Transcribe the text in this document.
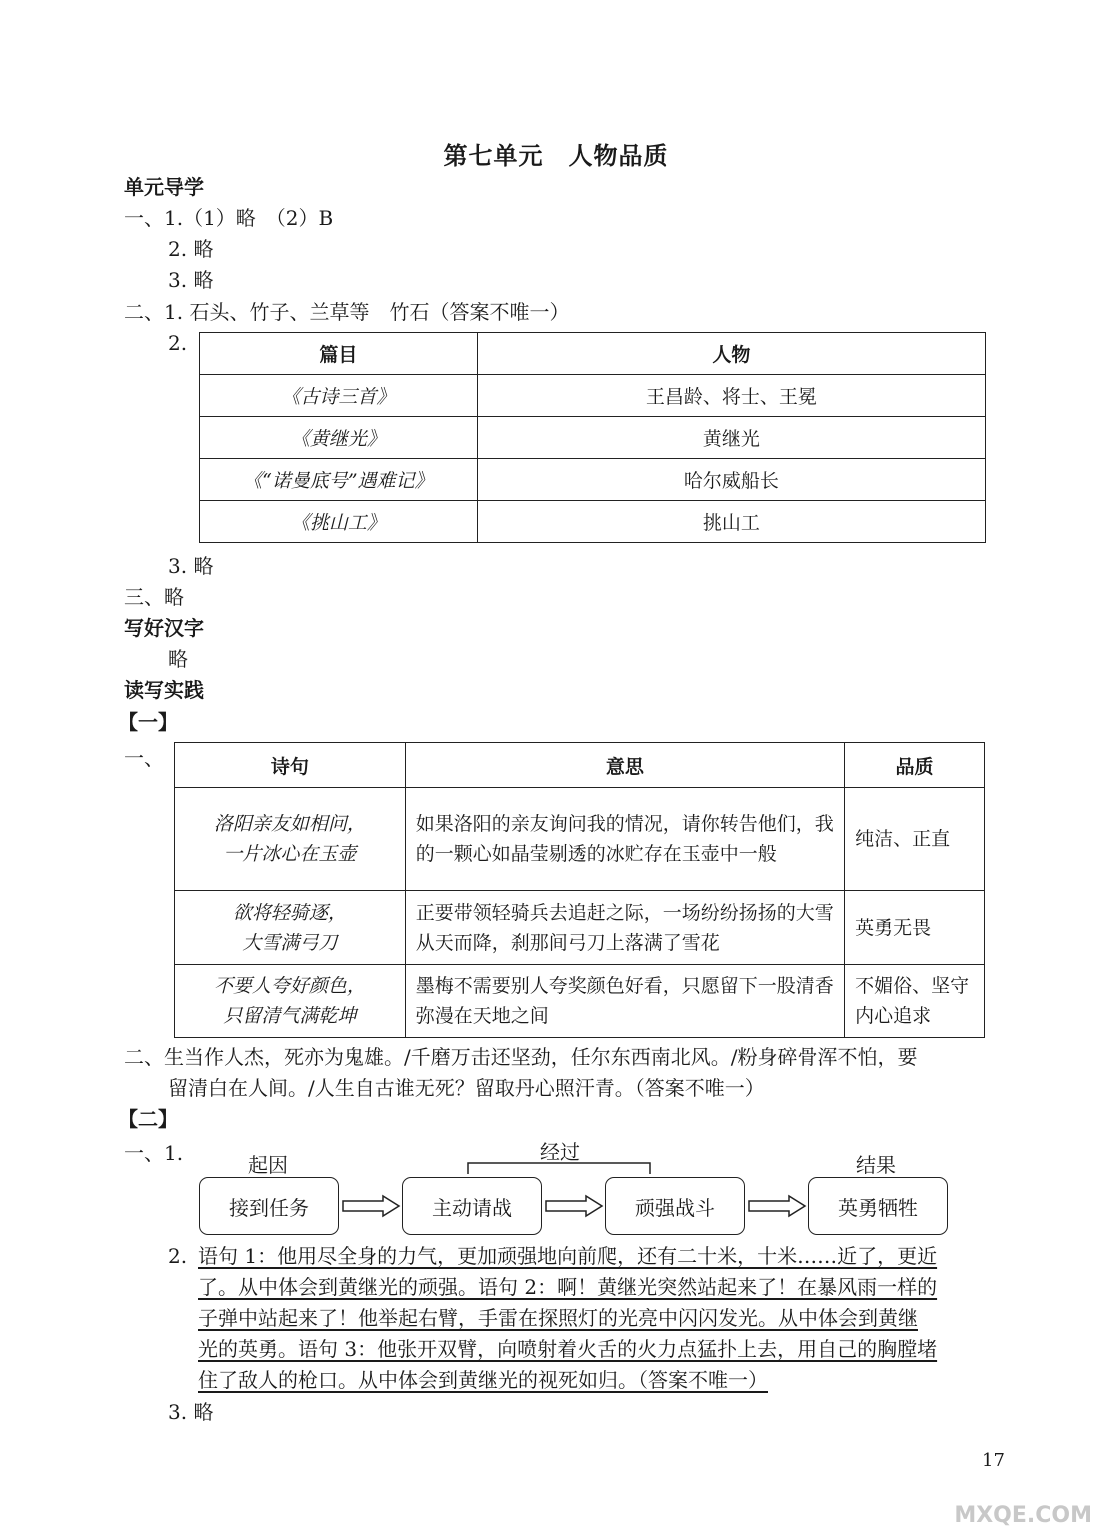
第七单元　人物品质
单元导学
一、1.（1）略　（2）B
2. 略
3. 略
二、1. 石头、竹子、兰草等　竹石（答案不唯一）
2.	篇目	人物
《古诗三首》	王昌龄、将士、王冕
《黄继光》	黄继光
《“诺曼底号”遇难记》	哈尔威船长
《挑山工》	挑山工
3. 略
三、略
写好汉字
略
读写实践
【一】
一、	诗句	意思	品质

洛阳亲友如相问，
一片冰心在玉壶	如果洛阳的亲友询问我的情况，请你转告他们，我的一颗心如晶莹剔透的冰贮存在玉壶中一般	纯洁、正直

欲将轻骑逐，
大雪满弓刀	正要带领轻骑兵去追赶之际，一场纷纷扬扬的大雪从天而降，刹那间弓刀上落满了雪花	英勇无畏

不要人夸好颜色，
只留清气满乾坤	墨梅不需要别人夸奖颜色好看，只愿留下一股清香弥漫在天地之间	不媚俗、坚守内心追求
二、生当作人杰，死亦为鬼雄。/千磨万击还坚劲，任尔东西南北风。/粉身碎骨浑不怕，要
留清白在人间。/人生自古谁无死？留取丹心照汗青。（答案不唯一）
【二】
一、1.	起因
经过
结果
接到任务	主动请战	顽强战斗	英勇牺牲
2. 语句 1：他用尽全身的力气，更加顽强地向前爬，还有二十米，十米……近了，更近
了。从中体会到黄继光的顽强。语句 2：啊！黄继光突然站起来了！在暴风雨一样的
子弹中站起来了！他举起右臂，手雷在探照灯的光亮中闪闪发光。从中体会到黄继
光的英勇。语句 3：他张开双臂，向喷射着火舌的火力点猛扑上去，用自己的胸膛堵
住了敌人的枪口。从中体会到黄继光的视死如归。（答案不唯一）
3. 略
17
MXQE.COM
